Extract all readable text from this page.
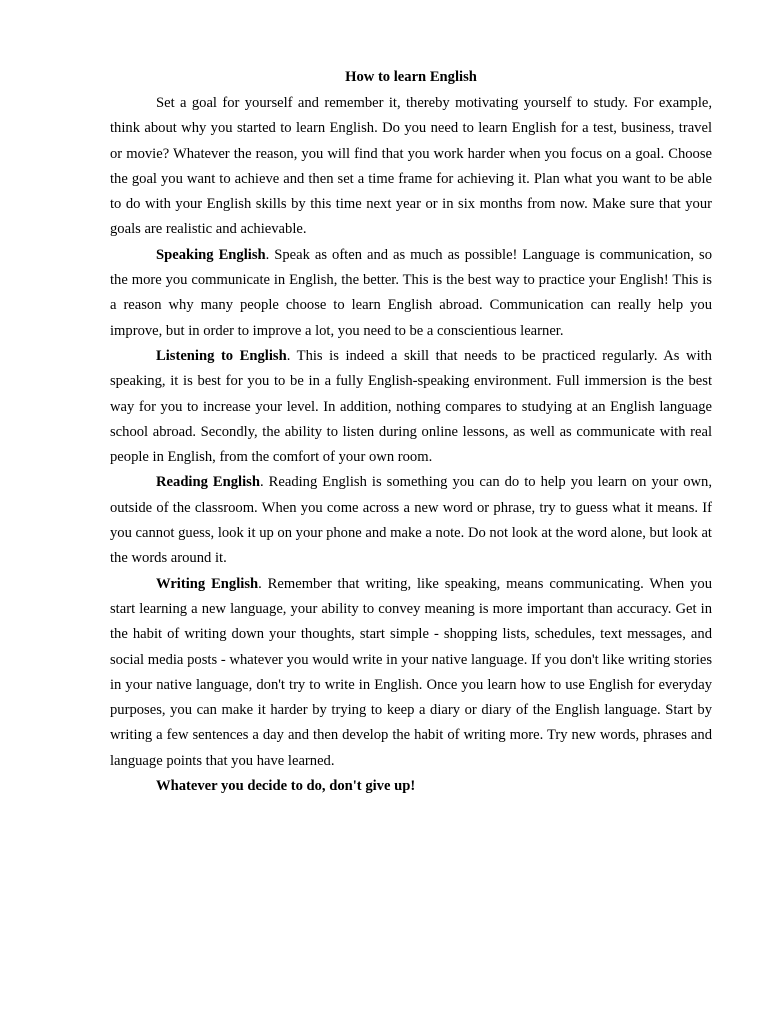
How to learn English

Set a goal for yourself and remember it, thereby motivating yourself to study. For example, think about why you started to learn English. Do you need to learn English for a test, business, travel or movie? Whatever the reason, you will find that you work harder when you focus on a goal. Choose the goal you want to achieve and then set a time frame for achieving it. Plan what you want to be able to do with your English skills by this time next year or in six months from now. Make sure that your goals are realistic and achievable.

Speaking English. Speak as often and as much as possible! Language is communication, so the more you communicate in English, the better. This is the best way to practice your English! This is a reason why many people choose to learn English abroad. Communication can really help you improve, but in order to improve a lot, you need to be a conscientious learner.

Listening to English. This is indeed a skill that needs to be practiced regularly. As with speaking, it is best for you to be in a fully English-speaking environment. Full immersion is the best way for you to increase your level. In addition, nothing compares to studying at an English language school abroad. Secondly, the ability to listen during online lessons, as well as communicate with real people in English, from the comfort of your own room.

Reading English. Reading English is something you can do to help you learn on your own, outside of the classroom. When you come across a new word or phrase, try to guess what it means. If you cannot guess, look it up on your phone and make a note. Do not look at the word alone, but look at the words around it.

Writing English. Remember that writing, like speaking, means communicating. When you start learning a new language, your ability to convey meaning is more important than accuracy. Get in the habit of writing down your thoughts, start simple - shopping lists, schedules, text messages, and social media posts - whatever you would write in your native language. If you don't like writing stories in your native language, don't try to write in English. Once you learn how to use English for everyday purposes, you can make it harder by trying to keep a diary or diary of the English language. Start by writing a few sentences a day and then develop the habit of writing more. Try new words, phrases and language points that you have learned.

Whatever you decide to do, don't give up!
